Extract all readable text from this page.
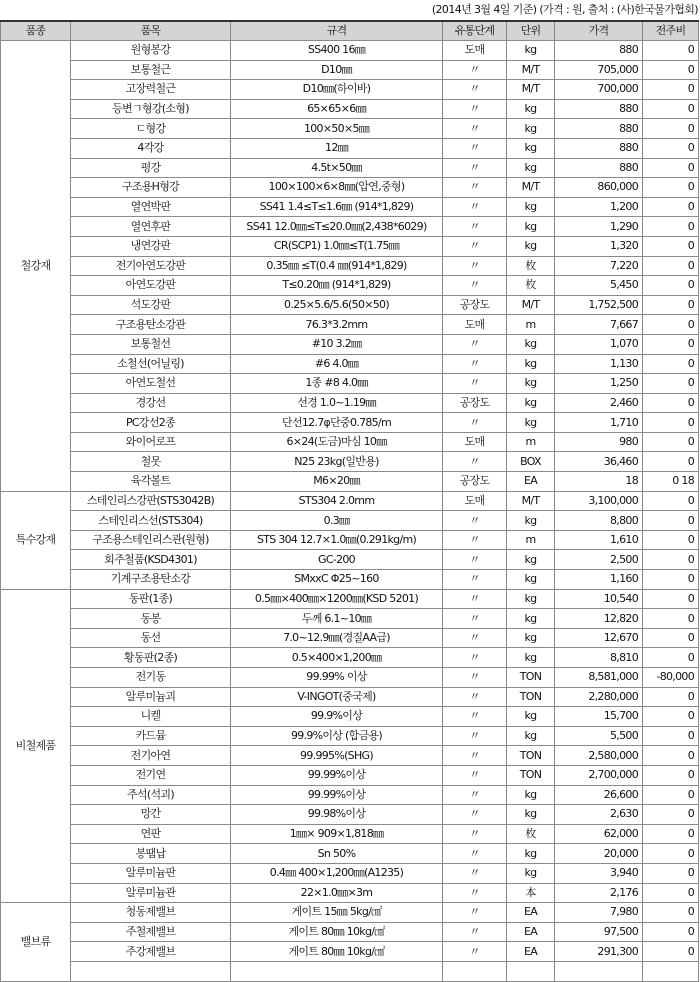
(2014년 3월 4일 기준) (가격 : 원, 출처 : (사)한국물가협회)
품종	품목	규격	유통단계	단위	가격	전주비
철강재	원형봉강	SS400 16㎜	도매	kg	880	0
	보통철근	D10㎜	〃	M/T	705,000	0
	고장력철근	D10㎜(하이바)	〃	M/T	700,000	0
	등변ㄱ형강(소형)	65×65×6㎜	〃	kg	880	0
	ㄷ형강	100×50×5㎜	〃	kg	880	0
	4각강	12㎜	〃	kg	880	0
	평강	4.5t×50㎜	〃	kg	880	0
	구조용H형강	100×100×6×8㎜(압연,중형)	〃	M/T	860,000	0
	열연박판	SS41 1.4≤T≤1.6㎜ (914*1,829)	〃	kg	1,200	0
	열연후판	SS41 12.0㎜≤T≤20.0㎜(2,438*6029)	〃	kg	1,290	0
	냉연강판	CR(SCP1) 1.0㎜≤T(1.75㎜	〃	kg	1,320	0
	전기아연도강판	0.35㎜ ≤T(0.4 ㎜(914*1,829)	〃	枚	7,220	0
	아연도강판	T≤0.20㎜ (914*1,829)	〃	枚	5,450	0
	석도강판	0.25×5.6/5.6(50×50)	공장도	M/T	1,752,500	0
	구조용탄소강관	76.3*3.2mm	도매	m	7,667	0
	보통철선	#10 3.2㎜	〃	kg	1,070	0
	소철선(어닐링)	#6 4.0㎜	〃	kg	1,130	0
	아연도철선	1종 #8 4.0㎜	〃	kg	1,250	0
	경강선	선경 1.0~1.19㎜	공장도	kg	2,460	0
	PC강선2종	단선12.7φ단중0.785/m	〃	kg	1,710	0
	와이어로프	6×24(도금)마심 10㎜	도매	m	980	0
	철못	N25 23kg(일반용)	〃	BOX	36,460	0
	육각볼트	M6×20㎜	공장도	EA	18	0 18
특수강재	스테인리스강판(STS3042B)	STS304 2.0mm	도매	M/T	3,100,000	0
	스테인리스선(STS304)	0.3㎜	〃	kg	8,800	0
	구조용스테인리스관(원형)	STS 304 12.7×1.0㎜(0.291kg/m)	〃	m	1,610	0
	회주철품(KSD4301)	GC-200	〃	kg	2,500	0
	기계구조용탄소강	SMxxC Φ25~160	〃	kg	1,160	0
비철제품	동판(1종)	0.5㎜×400㎜×1200㎜(KSD 5201)	〃	kg	10,540	0
	동봉	두께 6.1~10㎜	〃	kg	12,820	0
	동선	7.0~12.9㎜(경질AA급)	〃	kg	12,670	0
	황동판(2종)	0.5×400×1,200㎜	〃	kg	8,810	0
	전기동	99.99% 이상	〃	TON	8,581,000	-80,000
	알루미늄괴	V-INGOT(중국제)	〃	TON	2,280,000	0
	니켈	99.9%이상	〃	kg	15,700	0
	카드뮴	99.9%이상 (합금용)	〃	kg	5,500	0
	전기아연	99.995%(SHG)	〃	TON	2,580,000	0
	전기연	99.99%이상	〃	TON	2,700,000	0
	주석(석괴)	99.99%이상	〃	kg	26,600	0
	망간	99.98%이상	〃	kg	2,630	0
	연판	1㎜× 909×1,818㎜	〃	枚	62,000	0
	봉땜납	Sn 50%	〃	kg	20,000	0
	알루미늄판	0.4㎜ 400×1,200㎜(A1235)	〃	kg	3,940	0
	알루미늄관	22×1.0㎜×3m	〃	本	2,176	0
밸브류	청동제밸브	게이트 15㎜ 5kg/㎠	〃	EA	7,980	0
	주철제밸브	게이트 80㎜ 10kg/㎠	〃	EA	97,500	0
	주강제밸브	게이트 80㎜ 10kg/㎠	〃	EA	291,300	0
